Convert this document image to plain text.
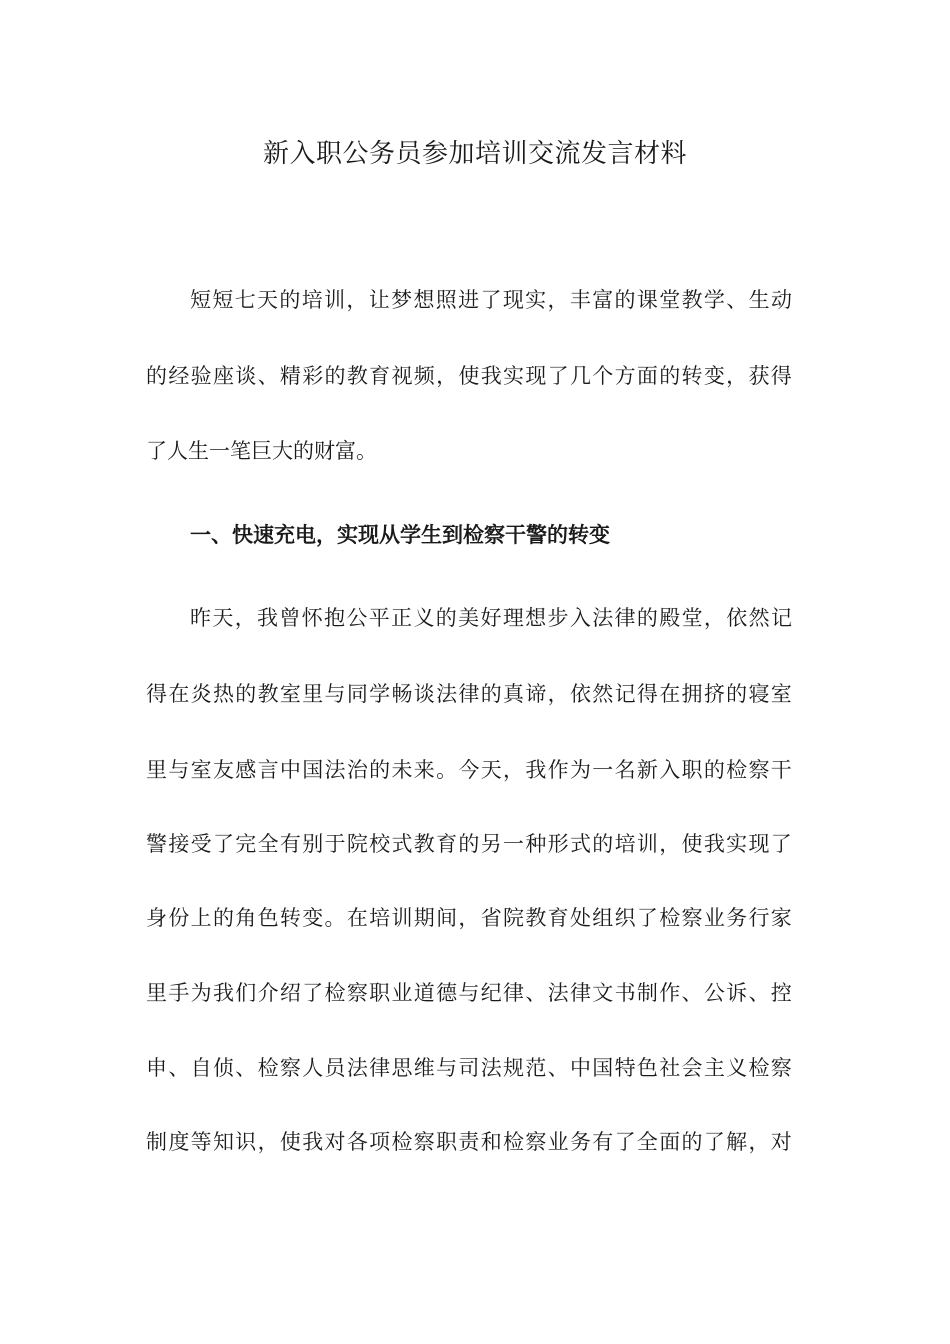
新入职公务员参加培训交流发言材料

短 短 七 天 的 培 训 ， 让 梦 想 照 进 了 现 实 ， 丰 富 的 课 堂 教 学 、 生 动

的 经 验 座 谈 、 精 彩 的 教 育 视 频 ， 使 我 实 现 了 几 个 方 面 的 转 变 ， 获 得

了人生一笔巨大的财富。

一、快速充电，实现从学生到检察干警的转变

昨 天 ， 我 曾 怀 抱 公 平 正 义 的 美 好 理 想 步 入 法 律 的 殿 堂 ， 依 然 记

得 在 炎 热 的 教 室 里 与 同 学 畅 谈 法 律 的 真 谛 ， 依 然 记 得 在 拥 挤 的 寝 室

里 与 室 友 感 言 中 国 法 治 的 未 来 。 今 天 ， 我 作 为 一 名 新 入 职 的 检 察 干

警 接 受 了 完 全 有 别 于 院 校 式 教 育 的 另 一 种 形 式 的 培 训 ， 使 我 实 现 了

身 份 上 的 角 色 转 变 。 在 培 训 期 间 ， 省 院 教 育 处 组 织 了 检 察 业 务 行 家

里 手 为 我 们 介 绍 了 检 察 职 业 道 德 与 纪 律 、 法 律 文 书 制 作 、 公 诉 、 控

申 、 自 侦 、 检 察 人 员 法 律 思 维 与 司 法 规 范 、 中 国 特 色 社 会 主 义 检 察

制 度 等 知 识 ， 使 我 对 各 项 检 察 职 责 和 检 察 业 务 有 了 全 面 的 了 解 ， 对
